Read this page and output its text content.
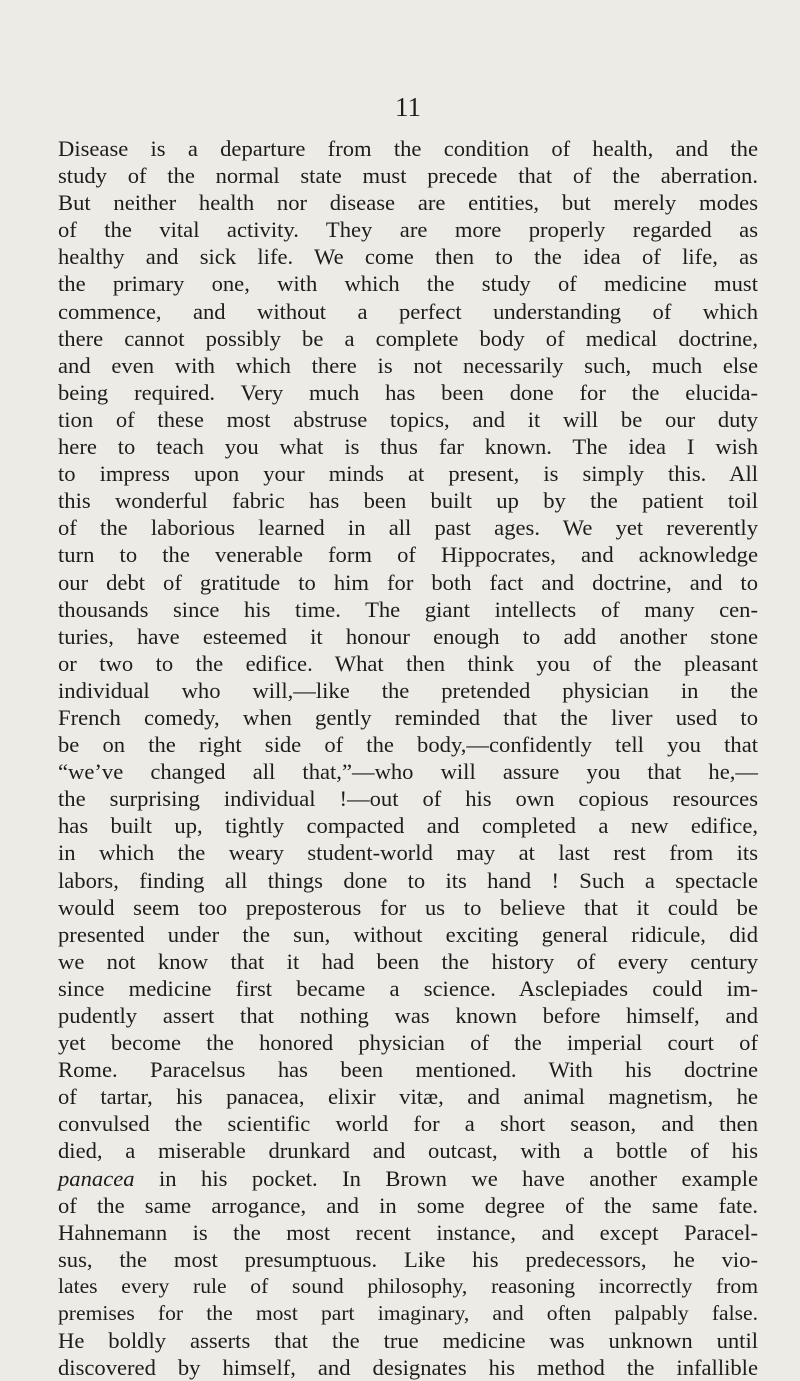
11
Disease is a departure from the condition of health, and the
study of the normal state must precede that of the aberration.
But neither health nor disease are entities, but merely modes
of the vital activity. They are more properly regarded as
healthy and sick life. We come then to the idea of life, as
the primary one, with which the study of medicine must
commence, and without a perfect understanding of which
there cannot possibly be a complete body of medical doctrine,
and even with which there is not necessarily such, much else
being required. Very much has been done for the elucida-
tion of these most abstruse topics, and it will be our duty
here to teach you what is thus far known. The idea I wish
to impress upon your minds at present, is simply this. All
this wonderful fabric has been built up by the patient toil
of the laborious learned in all past ages. We yet reverently
turn to the venerable form of Hippocrates, and acknowledge
our debt of gratitude to him for both fact and doctrine, and to
thousands since his time. The giant intellects of many cen-
turies, have esteemed it honour enough to add another stone
or two to the edifice. What then think you of the pleasant
individual who will,—like the pretended physician in the
French comedy, when gently reminded that the liver used to
be on the right side of the body,—confidently tell you that
“we’ve changed all that,”—who will assure you that he,—
the surprising individual !—out of his own copious resources
has built up, tightly compacted and completed a new edifice,
in which the weary student-world may at last rest from its
labors, finding all things done to its hand ! Such a spectacle
would seem too preposterous for us to believe that it could be
presented under the sun, without exciting general ridicule, did
we not know that it had been the history of every century
since medicine first became a science. Asclepiades could im-
pudently assert that nothing was known before himself, and
yet become the honored physician of the imperial court of
Rome. Paracelsus has been mentioned. With his doctrine
of tartar, his panacea, elixir vitæ, and animal magnetism, he
convulsed the scientific world for a short season, and then
died, a miserable drunkard and outcast, with a bottle of his
panacea in his pocket. In Brown we have another example
of the same arrogance, and in some degree of the same fate.
Hahnemann is the most recent instance, and except Paracel-
sus, the most presumptuous. Like his predecessors, he vio-
lates every rule of sound philosophy, reasoning incorrectly from
premises for the most part imaginary, and often palpably false.
He boldly asserts that the true medicine was unknown until
discovered by himself, and designates his method the infallible
